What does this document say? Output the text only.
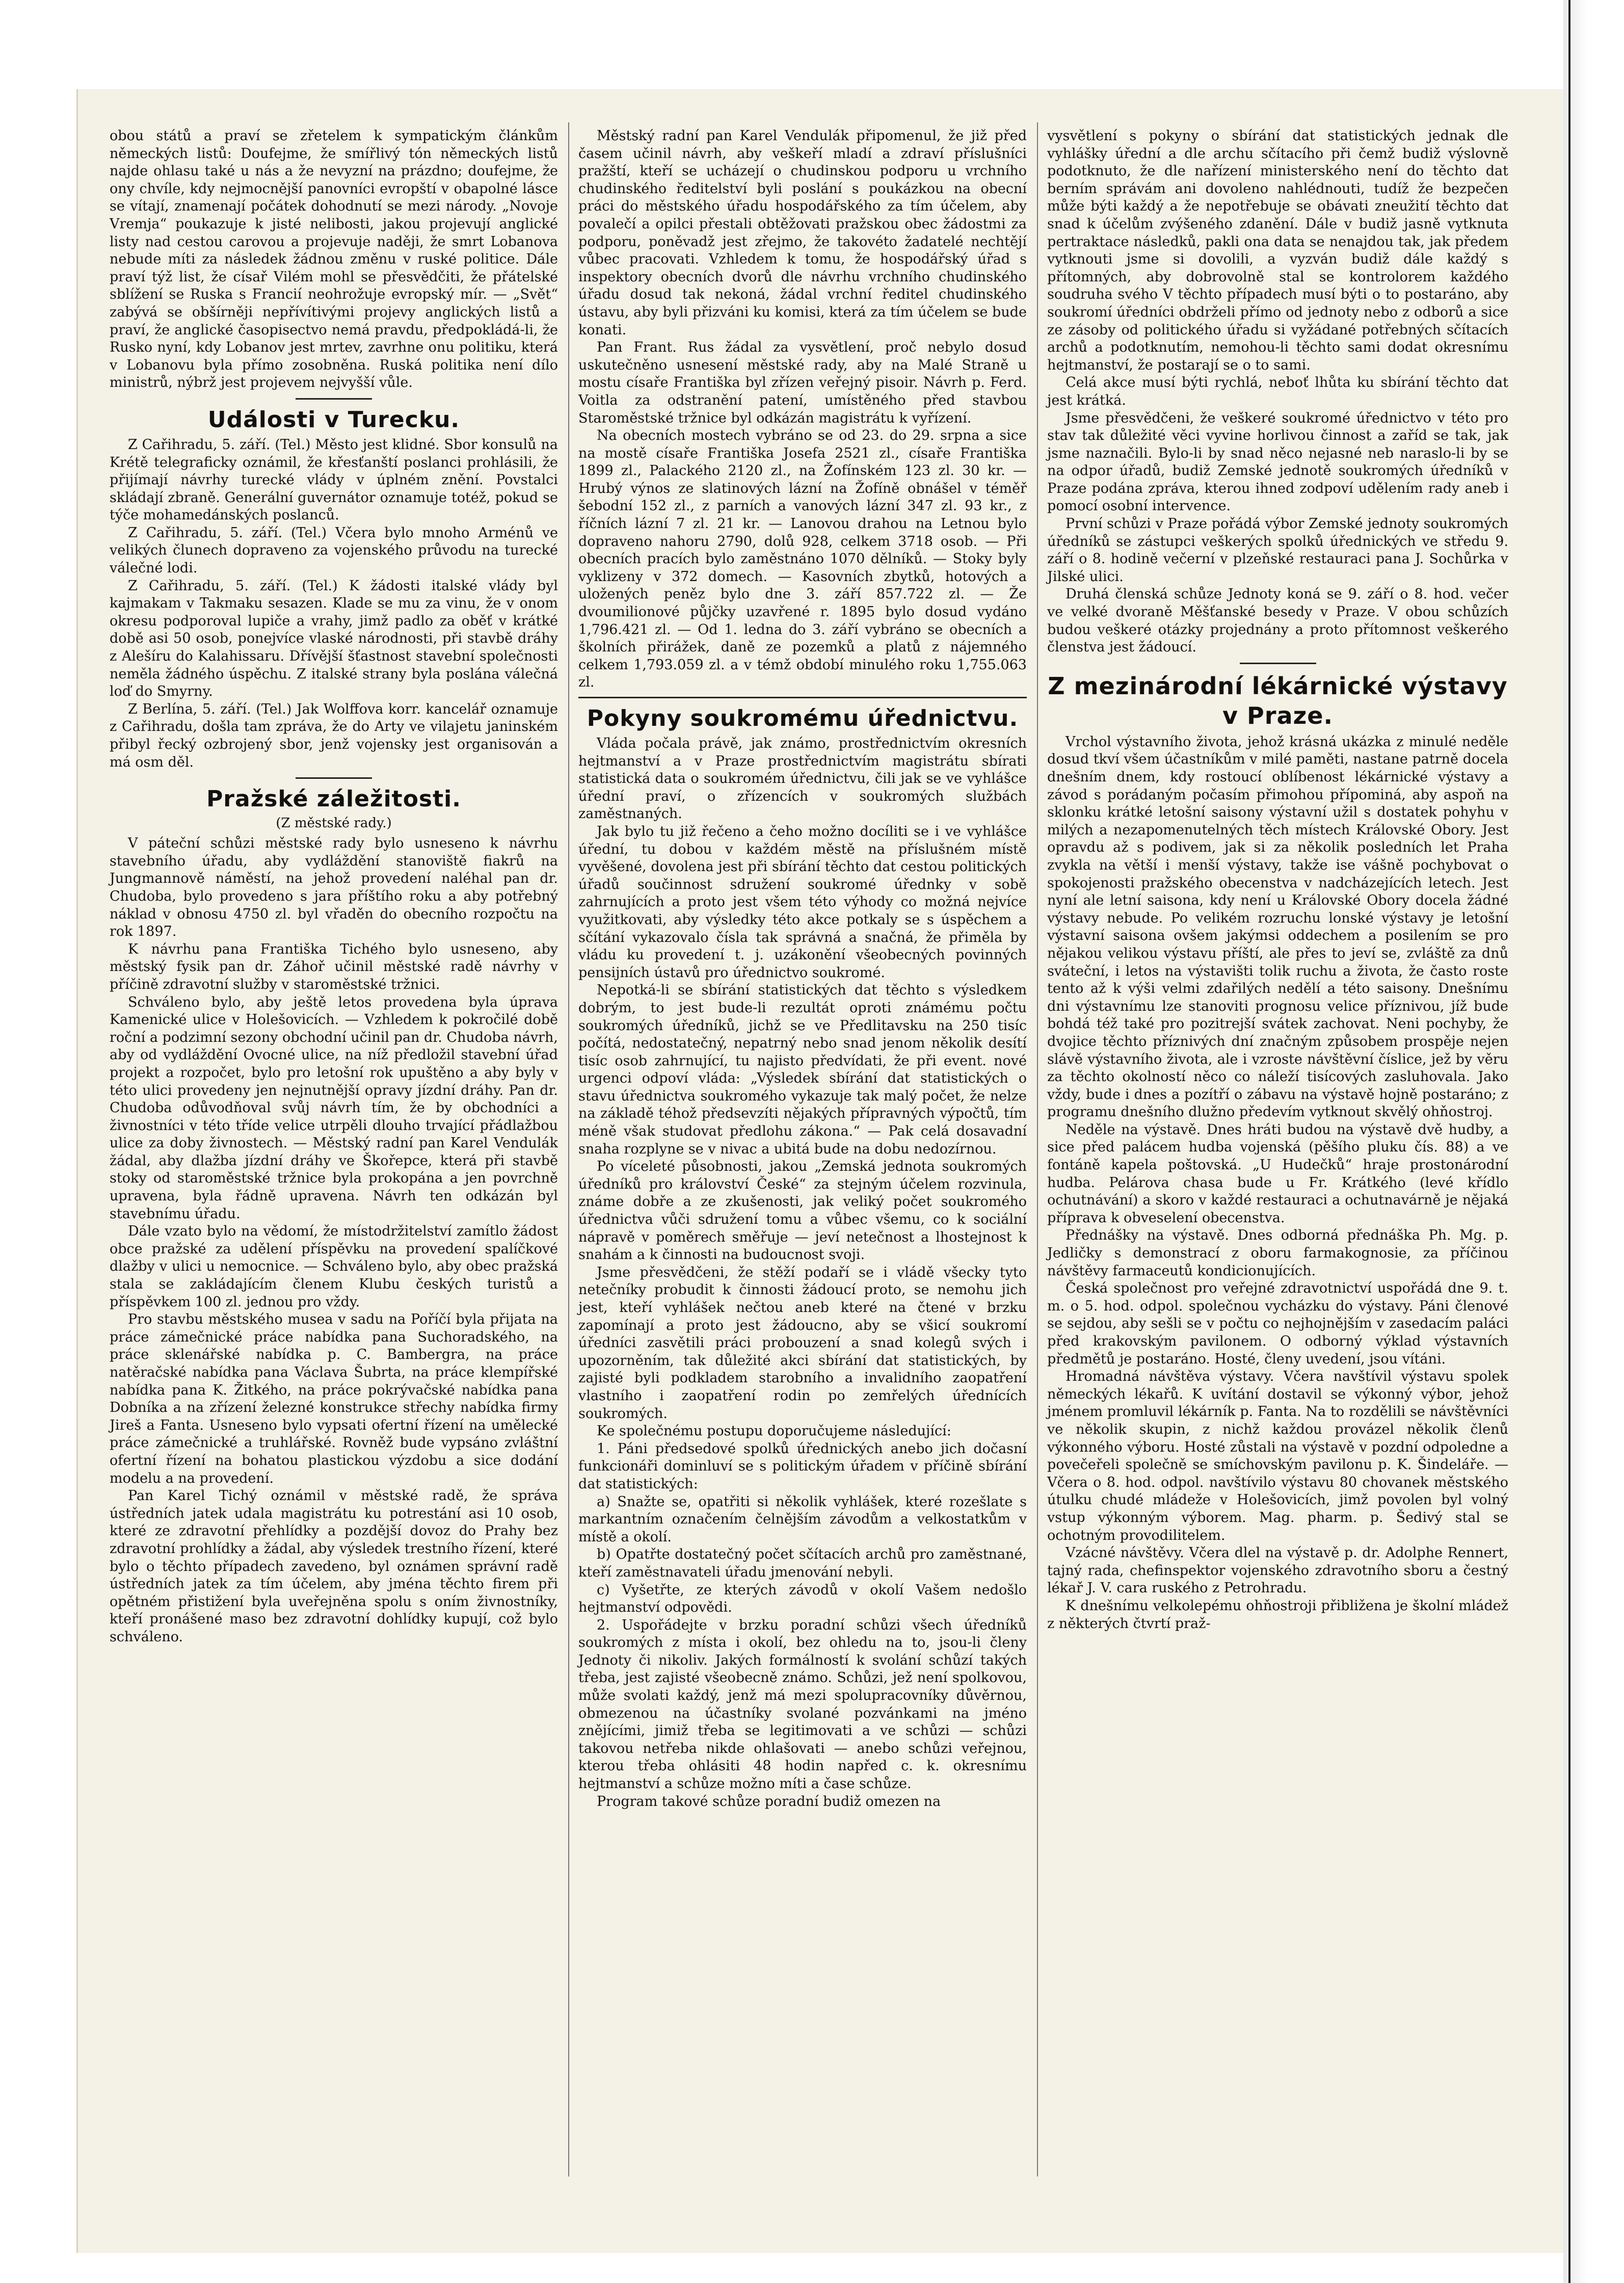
obou států a praví se zřetelem k sympatickým článkům německých listů: Doufejme, že smířlivý tón německých listů najde ohlasu také u nás a že nevyzní na prázdno; doufejme, že ony chvíle, kdy nejmocnější panovníci evropští v obapolné lásce se vítají, znamenají počátek dohodnutí se mezi národy. „Novoje Vremja“ poukazuje k jisté nelibosti, jakou projevují anglické listy nad cestou carovou a projevuje naději, že smrt Lobanova nebude míti za následek žádnou změnu v ruské politice. Dále praví týž list, že císař Vilém mohl se přesvědčiti, že přátelské sblížení se Ruska s Francií neohrožuje evropský mír. — „Svět“ zabývá se obšírněji nepřívítivými projevy anglických listů a praví, že anglické časopisectvo nemá pravdu, předpokládá-li, že Rusko nyní, kdy Lobanov jest mrtev, zavrhne onu politiku, která v Lobanovu byla přímo zosobněna. Ruská politika není dílo ministrů, nýbrž jest projevem nejvyšší vůle.

Události v Turecku.

Z Cařihradu, 5. září. (Tel.) Město jest klidné. Sbor konsulů na Krétě telegraficky oznámil, že křesťanští poslanci prohlásili, že přijímají návrhy turecké vlády v úplném znění. Povstalci skládají zbraně. Generální guvernátor oznamuje totéž, pokud se týče mohamedánských poslanců.

Z Cařihradu, 5. září. (Tel.) Včera bylo mnoho Arménů ve velikých člunech dopraveno za vojenského průvodu na turecké válečné lodi.

Z Cařihradu, 5. září. (Tel.) K žádosti italské vlády byl kajmakam v Takmaku sesazen. Klade se mu za vinu, že v onom okresu podporoval lupiče a vrahy, jimž padlo za oběť v krátké době asi 50 osob, ponejvíce vlaské národnosti, při stavbě dráhy z Alešíru do Kalahissaru. Dřívější šťastnost stavební společnosti neměla žádného úspěchu. Z italské strany byla poslána válečná loď do Smyrny.

Z Berlína, 5. září. (Tel.) Jak Wolffova korr. kancelář oznamuje z Cařihradu, došla tam zpráva, že do Arty ve vilajetu janinském přibyl řecký ozbrojený sbor, jenž vojensky jest organisován a má osm děl.

Pražské záležitosti.
(Z městské rady.)

V páteční schůzi městské rady bylo usneseno k návrhu stavebního úřadu, aby vydláždění stanoviště fiakrů na Jungmannově náměstí, na jehož provedení naléhal pan dr. Chudoba, bylo provedeno s jara příštího roku a aby potřebný náklad v obnosu 4750 zl. byl vřaděn do obecního rozpočtu na rok 1897.

K návrhu pana Františka Tichého bylo usneseno, aby městský fysik pan dr. Záhoř učinil městské radě návrhy v příčině zdravotní služby v staroměstské tržnici.

Schváleno bylo, aby ještě letos provedena byla úprava Kamenické ulice v Holešovicích. — Vzhledem k pokročilé době roční a podzimní sezony obchodní učinil pan dr. Chudoba návrh, aby od vydláždění Ovocné ulice, na níž předložil stavební úřad projekt a rozpočet, bylo pro letošní rok upuštěno a aby byly v této ulici provedeny jen nejnutnější opravy jízdní dráhy. Pan dr. Chudoba odůvodňoval svůj návrh tím, že by obchodníci a živnostníci v této tříde velice utrpěli dlouho trvající přádlažbou ulice za doby živnostech. — Městský radní pan Karel Vendulák žádal, aby dlažba jízdní dráhy ve Škořepce, která při stavbě stoky od staroměstské tržnice byla prokopána a jen povrchně upravena, byla řádně upravena. Návrh ten odkázán byl stavebnímu úřadu.

Dále vzato bylo na vědomí, že místodržitelství zamítlo žádost obce pražské za udělení příspěvku na provedení spalíčkové dlažby v ulici u nemocnice. — Schváleno bylo, aby obec pražská stala se zakládajícím členem Klubu českých turistů a příspěvkem 100 zl. jednou pro vždy.

Pro stavbu městského musea v sadu na Poříčí byla přijata na práce zámečnické práce nabídka pana Suchoradského, na práce sklenářské nabídka p. C. Bambergra, na práce natěračské nabídka pana Václava Šubrta, na práce klempířské nabídka pana K. Žitkého, na práce pokrývačské nabídka pana Dobníka a na zřízení železné konstrukce střechy nabídka firmy Jireš a Fanta. Usneseno bylo vypsati ofertní řízení na umělecké práce zámečnické a truhlářské. Rovněž bude vypsáno zvláštní ofertní řízení na bohatou plastickou výzdobu a sice dodání modelu a na provedení.

Pan Karel Tichý oznámil v městské radě, že správa ústředních jatek udala magistrátu ku potrestání asi 10 osob, které ze zdravotní přehlídky a pozdější dovoz do Prahy bez zdravotní prohlídky a žádal, aby výsledek trestního řízení, které bylo o těchto případech zavedeno, byl oznámen správní radě ústředních jatek za tím účelem, aby jména těchto firem při opětném přistižení byla uveřejněna spolu s oním živnostníky, kteří pronášené maso bez zdravotní dohlídky kupují, což bylo schváleno.

Městský radní pan Karel Vendulák připomenul, že již před časem učinil návrh, aby veškeří mladí a zdraví příslušníci pražští, kteří se ucházejí o chudinskou podporu u vrchního chudinského ředitelství byli poslání s poukázkou na obecní práci do městského úřadu hospodářského za tím účelem, aby povalečí a opilci přestali obtěžovati pražskou obec žádostmi za podporu, poněvadž jest zřejmo, že takovéto žadatelé nechtějí vůbec pracovati. Vzhledem k tomu, že hospodářský úřad s inspektory obecních dvorů dle návrhu vrchního chudinského úřadu dosud tak nekoná, žádal vrchní ředitel chudinského ústavu, aby byli přizváni ku komisi, která za tím účelem se bude konati.

Pan Frant. Rus žádal za vysvětlení, proč nebylo dosud uskutečněno usnesení městské rady, aby na Malé Straně u mostu císaře Františka byl zřízen veřejný pisoir. Návrh p. Ferd. Voitla za odstranění patení, umístěného před stavbou Staroměstské tržnice byl odkázán magistrátu k vyřízení.

Na obecních mostech vybráno se od 23. do 29. srpna a sice na mostě císaře Františka Josefa 2521 zl., císaře Františka 1899 zl., Palackého 2120 zl., na Žofínském 123 zl. 30 kr. — Hrubý výnos ze slatinových lázní na Žofíně obnášel v téměř šebodní 152 zl., z parních a vanových lázní 347 zl. 93 kr., z říčních lázní 7 zl. 21 kr. — Lanovou drahou na Letnou bylo dopraveno nahoru 2790, dolů 928, celkem 3718 osob. — Při obecních pracích bylo zaměstnáno 1070 dělníků. — Stoky byly vyklizeny v 372 domech. — Kasovních zbytků, hotových a uložených peněz bylo dne 3. září 857.722 zl. — Že dvoumilionové půjčky uzavřené r. 1895 bylo dosud vydáno 1,796.421 zl. — Od 1. ledna do 3. září vybráno se obecních a školních přirážek, daně ze pozemků a platů z nájemného celkem 1,793.059 zl. a v témž období minulého roku 1,755.063 zl.

Pokyny soukromému úřednictvu.

Vláda počala právě, jak známo, prostřednictvím okresních hejtmanství a v Praze prostřednictvím magistrátu sbírati statistická data o soukromém úřednictvu, čili jak se ve vyhlášce úřední praví, o zřízencích v soukromých službách zaměstnaných.

Jak bylo tu již řečeno a čeho možno docíliti se i ve vyhlášce úřední, tu dobou v každém městě na příslušném místě vyvěšené, dovolena jest při sbírání těchto dat cestou politických úřadů součinnost sdružení soukromé úřednky v sobě zahrnujících a proto jest všem této výhody co možná nejvíce využitkovati, aby výsledky této akce potkaly se s úspěchem a sčítání vykazovalo čísla tak správná a snačná, že přiměla by vládu ku provedení t. j. uzákonění všeobecných povinných pensijních ústavů pro úřednictvo soukromé.

Nepotká-li se sbírání statistických dat těchto s výsledkem dobrým, to jest bude-li rezultát oproti známému počtu soukromých úředníků, jichž se ve Předlitavsku na 250 tisíc počítá, nedostatečný, nepatrný nebo snad jenom několik desítí tisíc osob zahrnující, tu najisto předvídati, že při event. nové urgenci odpoví vláda: „Výsledek sbírání dat statistických o stavu úřednictva soukromého vykazuje tak malý počet, že nelze na základě téhož předsevzíti nějakých přípravných výpočtů, tím méně však studovat předlohu zákona.“ — Pak celá dosavadní snaha rozplyne se v nivac a ubitá bude na dobu nedozírnou.

Po víceleté působnosti, jakou „Zemská jednota soukromých úředníků pro království České“ za stejným účelem rozvinula, známe dobře a ze zkušenosti, jak veliký počet soukromého úřednictva vůči sdružení tomu a vůbec všemu, co k sociální nápravě v poměrech směřuje — jeví netečnost a lhostejnost k snahám a k činnosti na budoucnost svoji.

Jsme přesvědčeni, že stěží podaří se i vládě všecky tyto netečníky probudit k činnosti žádoucí proto, se nemohu jich jest, kteří vyhlášek nečtou aneb které na čtené v brzku zapomínají a proto jest žádoucno, aby se všicí soukromí úředníci zasvětili práci probouzení a snad kolegů svých i upozorněním, tak důležité akci sbírání dat statistických, by zajisté byli podkladem starobního a invalidního zaopatření vlastního i zaopatření rodin po zemřelých úřednících soukromých.

Ke společnému postupu doporučujeme následující:

1. Páni předsedové spolků úřednických anebo jich dočasní funkcionáři dominluví se s politickým úřadem v příčině sbírání dat statistických:

a) Snažte se, opatřiti si několik vyhlášek, které rozešlate s markantním označením čelnějším závodům a velkostatkům v místě a okolí.

b) Opatřte dostatečný počet sčítacích archů pro zaměstnané, kteří zaměstnavateli úřadu jmenování nebyli.

c) Vyšetřte, ze kterých závodů v okolí Vašem nedošlo hejtmanství odpovědi.

2. Uspořádejte v brzku poradní schůzi všech úředníků soukromých z místa i okolí, bez ohledu na to, jsou-li členy Jednoty či nikoliv. Jakých formálností k svolání schůzí takých třeba, jest zajisté všeobecně známo. Schůzi, jež není spolkovou, může svolati každý, jenž má mezi spolupracovníky důvěrnou, obmezenou na účastníky svolané pozvánkami na jméno znějícími, jimiž třeba se legitimovati a ve schůzi — schůzi takovou netřeba nikde ohlašovati — anebo schůzi veřejnou, kterou třeba ohlásiti 48 hodin napřed c. k. okresnímu hejtmanství a schůze možno míti a čase schůze.

Program takové schůze poradní budiž omezen na

vysvětlení s pokyny o sbírání dat statistických jednak dle vyhlášky úřední a dle archu sčítacího při čemž budiž výslovně podotknuto, že dle nařízení ministerského není do těchto dat berním správám ani dovoleno nahlédnouti, tudíž že bezpečen může býti každý a že nepotřebuje se obávati zneužití těchto dat snad k účelům zvýšeného zdanění. Dále v budiž jasně vytknuta pertraktace následků, pakli ona data se nenajdou tak, jak předem vytknouti jsme si dovolili, a vyzván budiž dále každý s přítomných, aby dobrovolně stal se kontrolorem každého soudruha svého V těchto případech musí býti o to postaráno, aby soukromí úředníci obdrželi přímo od jednoty nebo z odborů a sice ze zásoby od politického úřadu si vyžádané potřebných sčítacích archů a podotknutím, nemohou-li těchto sami dodat okresnímu hejtmanství, že postarají se o to sami.

Celá akce musí býti rychlá, neboť lhůta ku sbírání těchto dat jest krátká.

Jsme přesvědčeni, že veškeré soukromé úřednictvo v této pro stav tak důležité věci vyvine horlivou činnost a zaříd se tak, jak jsme naznačili. Bylo-li by snad něco nejasné neb naraslo-li by se na odpor úřadů, budiž Zemské jednotě soukromých úředníků v Praze podána zpráva, kterou ihned zodpoví udělením rady aneb i pomocí osobní intervence.

První schůzi v Praze pořádá výbor Zemské jednoty soukromých úředníků se zástupci veškerých spolků úřednických ve středu 9. září o 8. hodině večerní v plzeňské restauraci pana J. Sochůrka v Jilské ulici.

Druhá členská schůze Jednoty koná se 9. září o 8. hod. večer ve velké dvoraně Měšťanské besedy v Praze. V obou schůzích budou veškeré otázky projednány a proto přítomnost veškerého členstva jest žádoucí.

Z mezinárodní lékárnické výstavy v Praze.

Vrchol výstavního života, jehož krásná ukázka z minulé neděle dosud tkví všem účastníkům v milé paměti, nastane patrně docela dnešním dnem, kdy rostoucí oblíbenost lékárnické výstavy a závod s porádaným počasím přimohou přípominá, aby aspoň na sklonku krátké letošní saisony výstavní užil s dostatek pohyhu v milých a nezapomenutelných těch místech Královské Obory. Jest opravdu až s podivem, jak si za několik posledních let Praha zvykla na větší i menší výstavy, takže ise vášně pochybovat o spokojenosti pražského obecenstva v nadcházejících letech. Jest nyní ale letní saisona, kdy není u Královské Obory docela žádné výstavy nebude. Po velikém rozruchu lonské výstavy je letošní výstavní saisona ovšem jakýmsi oddechem a posilením se pro nějakou velikou výstavu příští, ale přes to jeví se, zvláště za dnů sváteční, i letos na výstavišti tolik ruchu a života, že často roste tento až k výši velmi zdařilých nedělí a této saisony. Dnešnímu dni výstavnímu lze stanoviti prognosu velice příznivou, jíž bude bohdá též také pro pozitrejší svátek zachovat. Neni pochyby, že dvojice těchto příznivých dní značným způsobem prospěje nejen slávě výstavního života, ale i vzroste návštěvní číslice, jež by věru za těchto okolností něco co náleží tisícových zasluhovala. Jako vždy, bude i dnes a pozítří o zábavu na výstavě hojně postaráno; z programu dnešního dlužno předevím vytknout skvělý ohňostroj.

Neděle na výstavě. Dnes hráti budou na výstavě dvě hudby, a sice před palácem hudba vojenská (pěšího pluku čís. 88) a ve fontáně kapela poštovská. „U Hudečků“ hraje prostonárodní hudba. Pelárova chasa bude u Fr. Krátkého (levé křídlo ochutnávání) a skoro v každé restauraci a ochutnavárně je nějaká příprava k obveselení obecenstva.

Přednášky na výstavě. Dnes odborná přednáška Ph. Mg. p. Jedličky s demonstrací z oboru farmakognosie, za příčinou návštěvy farmaceutů kondicionujících.

Česká společnost pro veřejné zdravotnictví uspořádá dne 9. t. m. o 5. hod. odpol. společnou vycházku do výstavy. Páni členové se sejdou, aby sešli se v počtu co nejhojnějším v zasedacím paláci před krakovským pavilonem. O odborný výklad výstavních předmětů je postaráno. Hosté, členy uvedení, jsou vítáni.

Hromadná návštěva výstavy. Včera navštívil výstavu spolek německých lékařů. K uvítání dostavil se výkonný výbor, jehož jménem promluvil lékárník p. Fanta. Na to rozdělili se návštěvníci ve několik skupin, z nichž každou provázel několik členů výkonného výboru. Hosté zůstali na výstavě v pozdní odpoledne a povečeřeli společně se smíchovským pavilonu p. K. Šindeláře. — Včera o 8. hod. odpol. navštívilo výstavu 80 chovanek městského útulku chudé mládeže v Holešovicích, jimž povolen byl volný vstup výkonným výborem. Mag. pharm. p. Šedivý stal se ochotným provodilitelem.

Vzácné návštěvy. Včera dlel na výstavě p. dr. Adolphe Rennert, tajný rada, chefinspektor vojenského zdravotního sboru a čestný lékař J. V. cara ruského z Petrohradu.

K dnešnímu velkolepému ohňostroji přibližena je školní mládež z některých čtvrtí praž-
